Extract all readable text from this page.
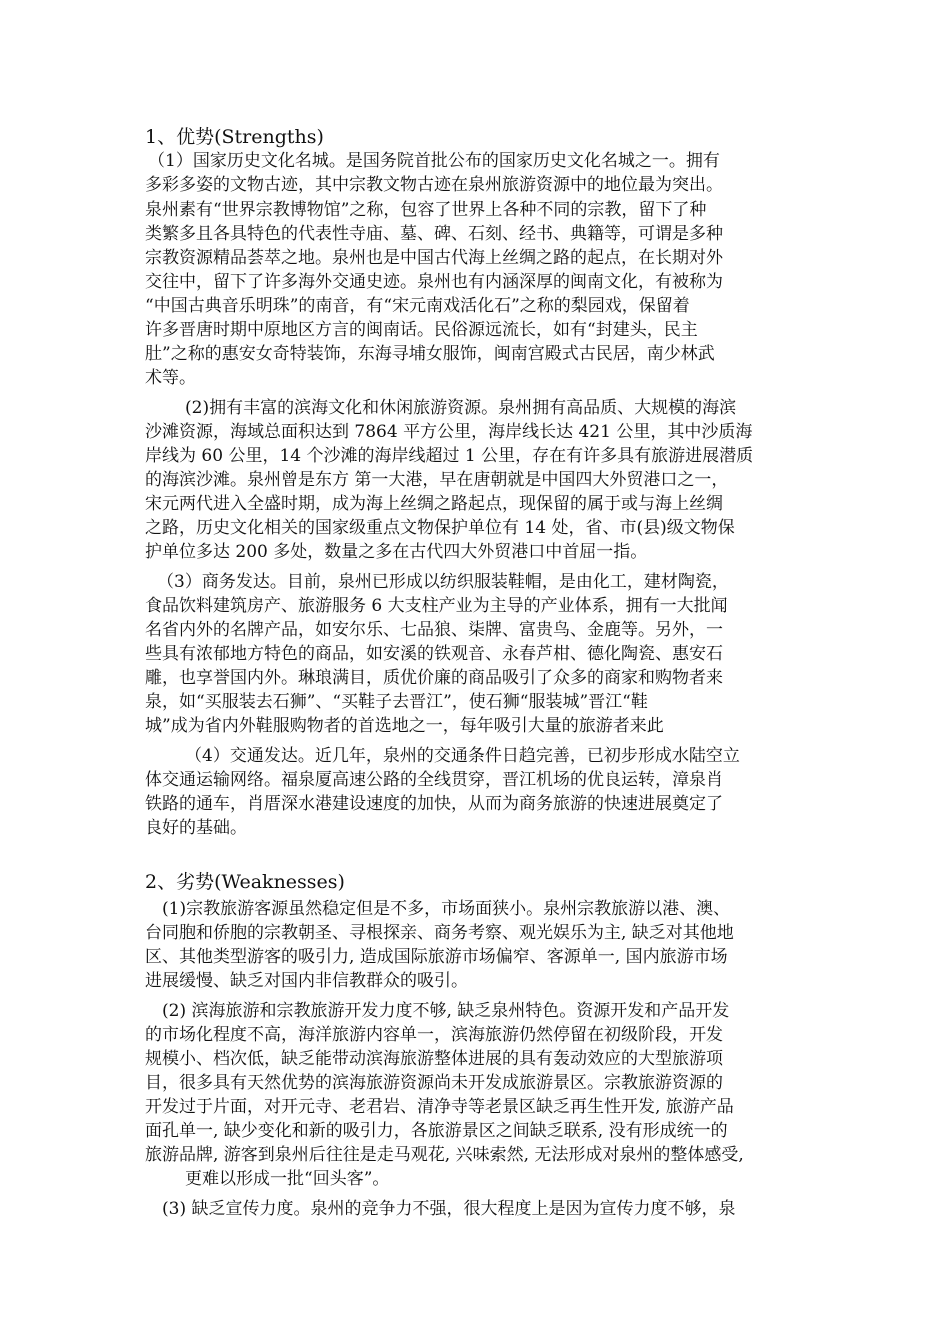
1、优势(Strengths)
（1）国家历史文化名城。是国务院首批公布的国家历史文化名城之一。拥有
多彩多姿的文物古迹，其中宗教文物古迹在泉州旅游资源中的地位最为突出。
泉州素有“世界宗教博物馆”之称，包容了世界上各种不同的宗教，留下了种
类繁多且各具特色的代表性寺庙、墓、碑、石刻、经书、典籍等，可谓是多种
宗教资源精品荟萃之地。泉州也是中国古代海上丝绸之路的起点，在长期对外
交往中，留下了许多海外交通史迹。泉州也有内涵深厚的闽南文化，有被称为
“中国古典音乐明珠”的南音，有“宋元南戏活化石”之称的梨园戏，保留着
许多晋唐时期中原地区方言的闽南话。民俗源远流长，如有“封建头，民主
肚”之称的惠安女奇特装饰，东海寻埔女服饰，闽南宫殿式古民居，南少林武
术等。
(2)拥有丰富的滨海文化和休闲旅游资源。泉州拥有高品质、大规模的海滨
沙滩资源，海域总面积达到 7864 平方公里，海岸线长达 421 公里，其中沙质海
岸线为 60 公里，14 个沙滩的海岸线超过 1 公里，存在有许多具有旅游进展潜质
的海滨沙滩。泉州曾是东方 第一大港，早在唐朝就是中国四大外贸港口之一，
宋元两代进入全盛时期，成为海上丝绸之路起点，现保留的属于或与海上丝绸
之路，历史文化相关的国家级重点文物保护单位有 14 处，省、市(县)级文物保
护单位多达 200 多处，数量之多在古代四大外贸港口中首屈一指。
（3）商务发达。目前，泉州已形成以纺织服装鞋帽，是由化工，建材陶瓷，
食品饮料建筑房产、旅游服务 6 大支柱产业为主导的产业体系，拥有一大批闻
名省内外的名牌产品，如安尔乐、七品狼、柒牌、富贵鸟、金鹿等。另外，一
些具有浓郁地方特色的商品，如安溪的铁观音、永春芦柑、德化陶瓷、惠安石
雕，也享誉国内外。琳琅满目，质优价廉的商品吸引了众多的商家和购物者来
泉，如“买服装去石狮”、“买鞋子去晋江”，使石狮“服装城”晋江“鞋
城”成为省内外鞋服购物者的首选地之一，每年吸引大量的旅游者来此
（4）交通发达。近几年，泉州的交通条件日趋完善，已初步形成水陆空立
体交通运输网络。福泉厦高速公路的全线贯穿，晋江机场的优良运转，漳泉肖
铁路的通车，肖厝深水港建设速度的加快，从而为商务旅游的快速进展奠定了
良好的基础。
2、劣势(Weaknesses)
(1)宗教旅游客源虽然稳定但是不多，市场面狭小。泉州宗教旅游以港、澳、
台同胞和侨胞的宗教朝圣、寻根探亲、商务考察、观光娱乐为主, 缺乏对其他地
区、其他类型游客的吸引力, 造成国际旅游市场偏窄、客源单一, 国内旅游市场
进展缓慢、缺乏对国内非信教群众的吸引。
(2) 滨海旅游和宗教旅游开发力度不够, 缺乏泉州特色。资源开发和产品开发
的市场化程度不高，海洋旅游内容单一，滨海旅游仍然停留在初级阶段，开发
规模小、档次低，缺乏能带动滨海旅游整体进展的具有轰动效应的大型旅游项
目，很多具有天然优势的滨海旅游资源尚未开发成旅游景区。宗教旅游资源的
开发过于片面，对开元寺、老君岩、清净寺等老景区缺乏再生性开发, 旅游产品
面孔单一, 缺少变化和新的吸引力，各旅游景区之间缺乏联系, 没有形成统一的
旅游品牌, 游客到泉州后往往是走马观花, 兴味索然, 无法形成对泉州的整体感受,
更难以形成一批“回头客”。
(3) 缺乏宣传力度。泉州的竞争力不强，很大程度上是因为宣传力度不够，泉
